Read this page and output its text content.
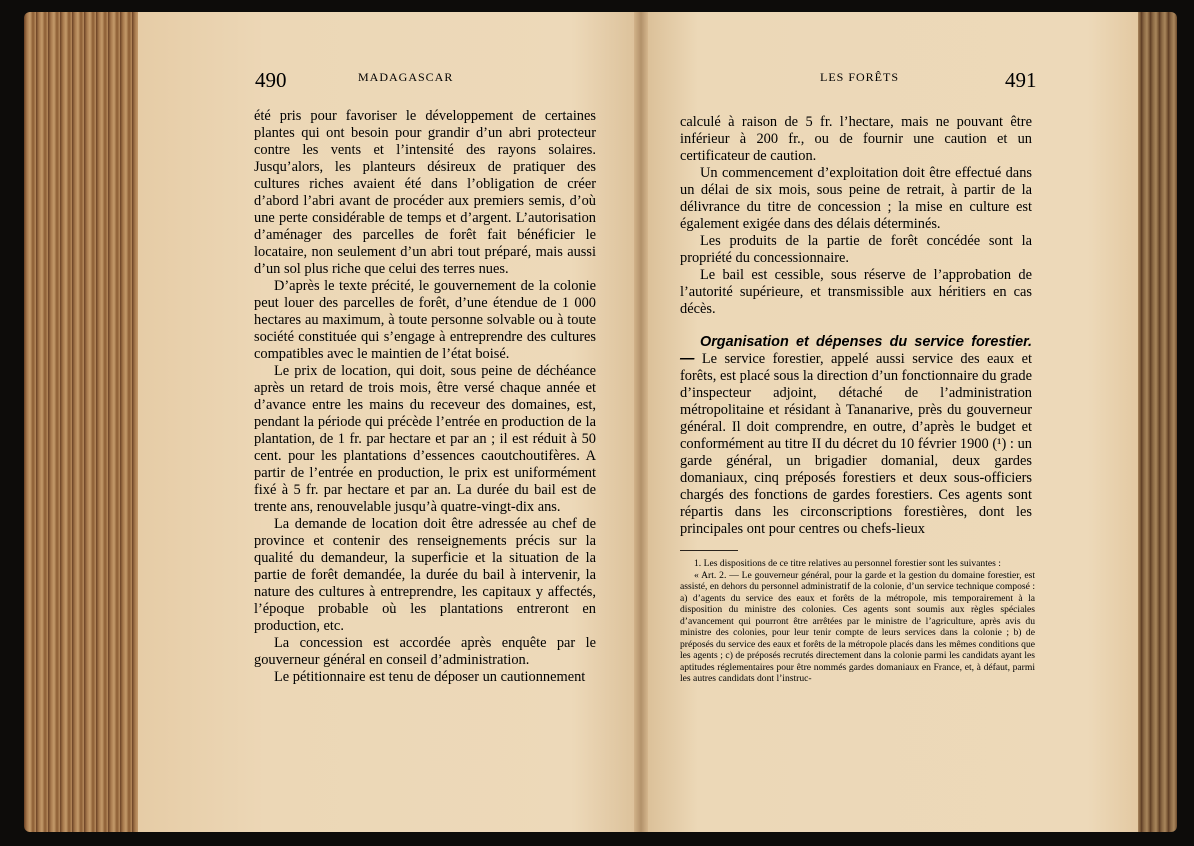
490	MADAGASCAR

été pris pour favoriser le développement de certaines plantes qui ont besoin pour grandir d’un abri protecteur contre les vents et l’intensité des rayons solaires. Jusqu’alors, les planteurs désireux de pratiquer des cultures riches avaient été dans l’obligation de créer d’abord l’abri avant de procéder aux premiers semis, d’où une perte considérable de temps et d’argent. L’autorisation d’aménager des parcelles de forêt fait bénéficier le locataire, non seulement d’un abri tout préparé, mais aussi d’un sol plus riche que celui des terres nues.

D’après le texte précité, le gouvernement de la colonie peut louer des parcelles de forêt, d’une étendue de 1 000 hectares au maximum, à toute personne solvable ou à toute société constituée qui s’engage à entreprendre des cultures compatibles avec le maintien de l’état boisé.

Le prix de location, qui doit, sous peine de déchéance après un retard de trois mois, être versé chaque année et d’avance entre les mains du receveur des domaines, est, pendant la période qui précède l’entrée en production de la plantation, de 1 fr. par hectare et par an ; il est réduit à 50 cent. pour les plantations d’essences caoutchoutifères. A partir de l’entrée en production, le prix est uniformément fixé à 5 fr. par hectare et par an. La durée du bail est de trente ans, renouvelable jusqu’à quatre-vingt-dix ans.

La demande de location doit être adressée au chef de province et contenir des renseignements précis sur la qualité du demandeur, la superficie et la situation de la partie de forêt demandée, la durée du bail à intervenir, la nature des cultures à entreprendre, les capitaux y affectés, l’époque probable où les plantations entreront en production, etc.

La concession est accordée après enquête par le gouverneur général en conseil d’administration.

Le pétitionnaire est tenu de déposer un cautionnement

LES FORÊTS	491

calculé à raison de 5 fr. l’hectare, mais ne pouvant être inférieur à 200 fr., ou de fournir une caution et un certificateur de caution.

Un commencement d’exploitation doit être effectué dans un délai de six mois, sous peine de retrait, à partir de la délivrance du titre de concession ; la mise en culture est également exigée dans des délais déterminés.

Les produits de la partie de forêt concédée sont la propriété du concessionnaire.

Le bail est cessible, sous réserve de l’approbation de l’autorité supérieure, et transmissible aux héritiers en cas décès.

Organisation et dépenses du service forestier. — Le service forestier, appelé aussi service des eaux et forêts, est placé sous la direction d’un fonctionnaire du grade d’inspecteur adjoint, détaché de l’administration métropolitaine et résidant à Tananarive, près du gouverneur général. Il doit comprendre, en outre, d’après le budget et conformément au titre II du décret du 10 février 1900 (¹) : un garde général, un brigadier domanial, deux gardes domaniaux, cinq préposés forestiers et deux sous-officiers chargés des fonctions de gardes forestiers. Ces agents sont répartis dans les circonscriptions forestières, dont les principales ont pour centres ou chefs-lieux

1. Les dispositions de ce titre relatives au personnel forestier sont les suivantes :

« Art. 2. — Le gouverneur général, pour la garde et la gestion du domaine forestier, est assisté, en dehors du personnel administratif de la colonie, d’un service technique composé : a) d’agents du service des eaux et forêts de la métropole, mis temporairement à la disposition du ministre des colonies. Ces agents sont soumis aux règles spéciales d’avancement qui pourront être arrêtées par le ministre de l’agriculture, après avis du ministre des colonies, pour leur tenir compte de leurs services dans la colonie ; b) de préposés du service des eaux et forêts de la métropole placés dans les mêmes conditions que les agents ; c) de préposés recrutés directement dans la colonie parmi les candidats ayant les aptitudes réglementaires pour être nommés gardes domaniaux en France, et, à défaut, parmi les autres candidats dont l’instruc-
